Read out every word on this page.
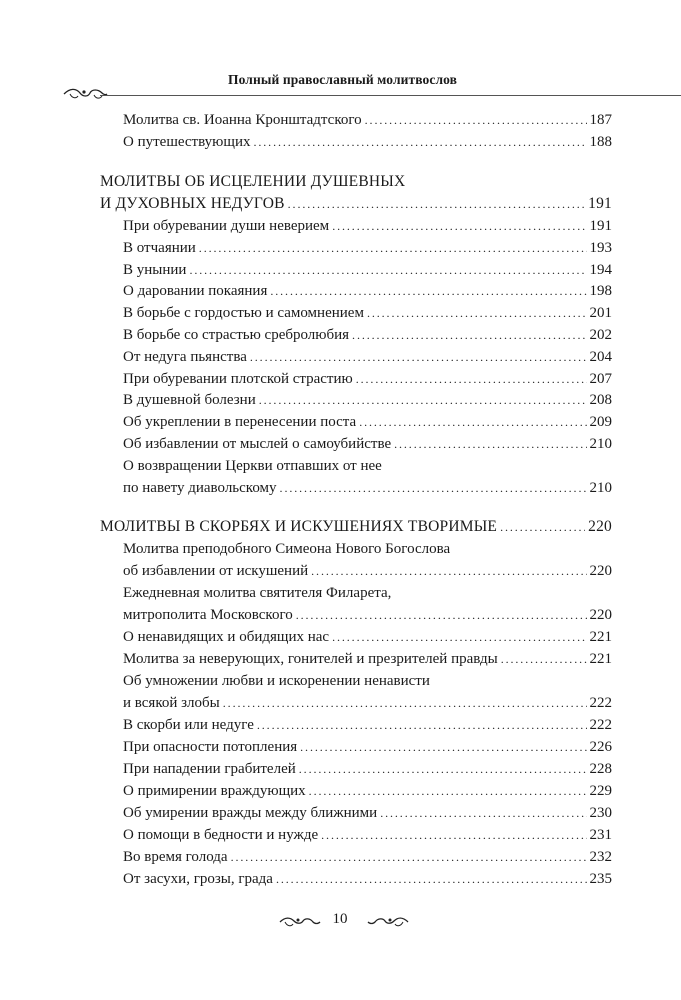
Полный православный молитвослов
Молитва св. Иоанна Кронштадтского . . .	187
О путешествующих . . .	188
МОЛИТВЫ ОБ ИСЦЕЛЕНИИ ДУШЕВНЫХ
И ДУХОВНЫХ НЕДУГОВ . . .	191
При обуревании души неверием . . .	191
В отчаянии . . .	193
В унынии . . .	194
О даровании покаяния . . .	198
В борьбе с гордостью и самомнением . . .	201
В борьбе со страстью сребролюбия . . .	202
От недуга пьянства . . .	204
При обуревании плотской страстию . . .	207
В душевной болезни . . .	208
Об укреплении в перенесении поста . . .	209
Об избавлении от мыслей о самоубийстве . . .	210
О возвращении Церкви отпавших от нее
по навету диавольскому . . .	210
МОЛИТВЫ В СКОРБЯХ И ИСКУШЕНИЯХ ТВОРИМЫЕ . . .	220
Молитва преподобного Симеона Нового Богослова
об избавлении от искушений . . .	220
Ежедневная молитва святителя Филарета,
митрополита Московского . . .	220
О ненавидящих и обидящих нас . . .	221
Молитва за неверующих, гонителей и презрителей правды . . .	221
Об умножении любви и искоренении ненависти
и всякой злобы . . .	222
В скорби или недуге . . .	222
При опасности потопления . . .	226
При нападении грабителей . . .	228
О примирении враждующих . . .	229
Об умирении вражды между ближними . . .	230
О помощи в бедности и нужде . . .	231
Во время голода . . .	232
От засухи, грозы, града . . .	235
10
